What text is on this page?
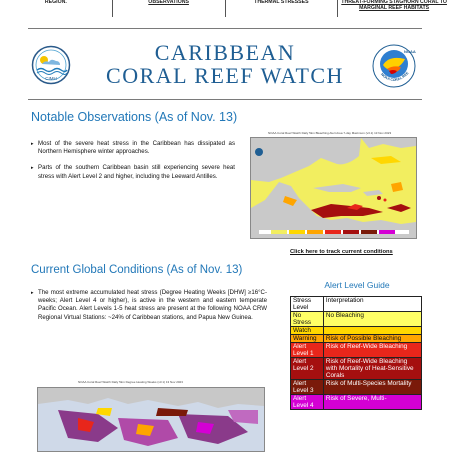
REGION.	OBSERVATIONS	THERMAL STRESSES	THREAT-FORMING STAGHORN CORAL TO MARGINAL REEF HABITATS
CIMH
CARIBBEAN
CORAL REEF WATCH
NOAA
NOAA CORAL REE
Notable Observations (As of Nov. 13)

▸ Most of the severe heat stress in the Caribbean has dissipated as Northern Hemisphere winter approaches.

▸ Parts of the southern Caribbean basin still experiencing severe heat stress with Alert Level 2 and higher, including the Leeward Antilles.

NOAA Coral Reef Watch Daily 5km Bleaching Alert Area 7-day Maximum (v3.1) 13 Nov 2023
Click here to track current conditions
Current Global Conditions (As of Nov. 13)

▸ The most extreme accumulated heat stress (Degree Heating Weeks [DHW] ≥16°C-weeks; Alert Level 4 or higher), is active in the western and eastern temperate Pacific Ocean. Alert Levels 1-5 heat stress are present at the following NOAA CRW Regional Virtual Stations: ~24% of Caribbean stations, and Papua New Guinea.

NOAA Coral Reef Watch Daily 5km Degree Heating Weeks (v3.1) 13 Nov 2023
Alert Level Guide
Stress Level	Interpretation
No Stress	No Bleaching
Watch	
Warning	Risk of Possible Bleaching
Alert Level 1	Risk of Reef-Wide Bleaching
Alert Level 2	Risk of Reef-Wide Bleaching with Mortality of Heat-Sensitive Corals
Alert Level 3	Risk of Multi-Species Mortality
Alert Level 4	Risk of Severe, Multi-
